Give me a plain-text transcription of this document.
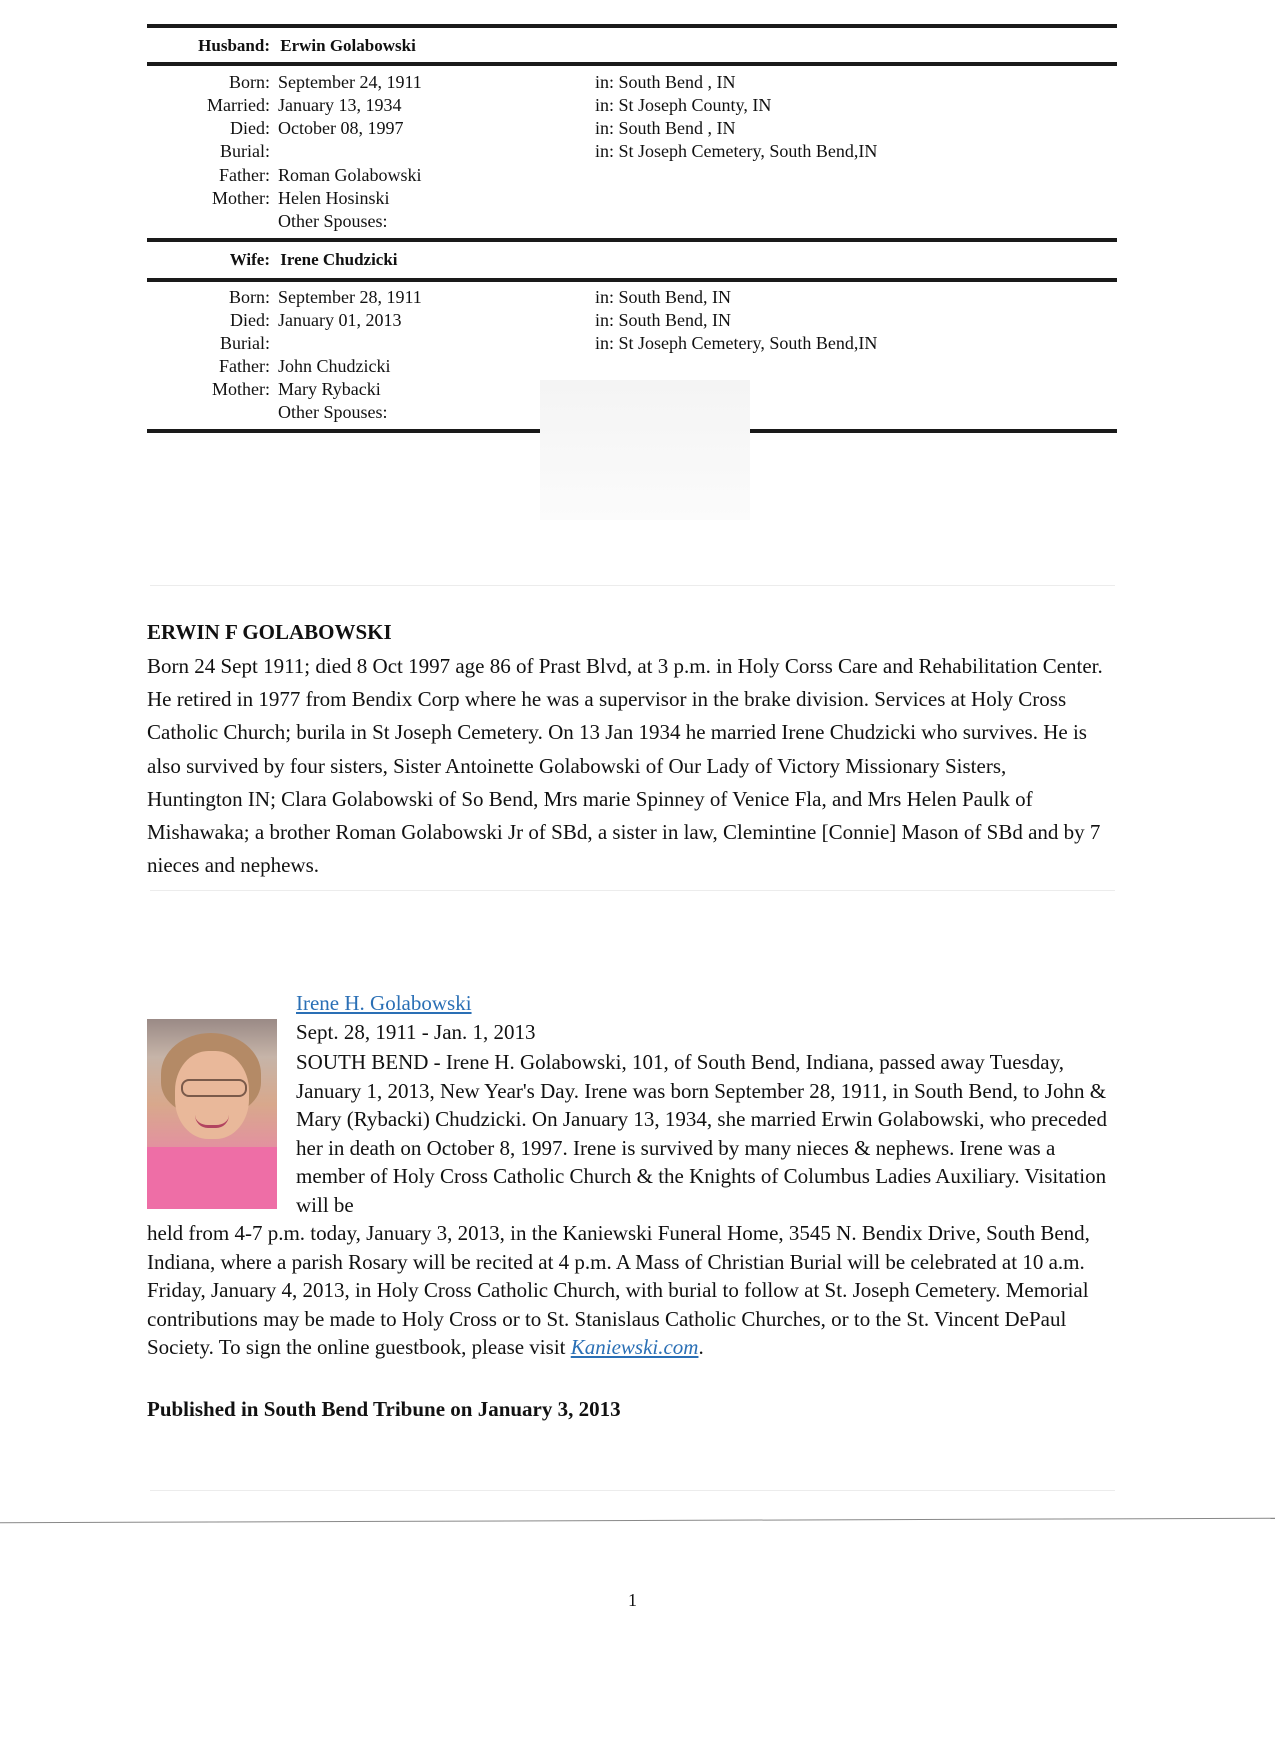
Husband: Erwin Golabowski
Born: September 24, 1911	in: South Bend , IN
Married: January 13, 1934	in: St Joseph County, IN
Died: October 08, 1997	in: South Bend , IN
Burial:	in: St Joseph Cemetery, South Bend,IN
Father: Roman Golabowski
Mother: Helen Hosinski
Other Spouses:
Wife: Irene Chudzicki
Born: September 28, 1911	in: South Bend, IN
Died: January 01, 2013	in: South Bend, IN
Burial:	in: St Joseph Cemetery, South Bend,IN
Father: John Chudzicki
Mother: Mary Rybacki
Other Spouses:
ERWIN F GOLABOWSKI
Born 24 Sept 1911; died 8 Oct 1997 age 86 of Prast Blvd, at 3 p.m. in Holy Corss Care and Rehabilitation Center. He retired in 1977 from Bendix Corp where he was a supervisor in the brake division. Services at Holy Cross Catholic Church; burila in St Joseph Cemetery. On 13 Jan 1934 he married Irene Chudzicki who survives. He is also survived by four sisters, Sister Antoinette Golabowski of Our Lady of Victory Missionary Sisters, Huntington IN; Clara Golabowski of So Bend, Mrs marie Spinney of Venice Fla, and Mrs Helen Paulk of Mishawaka; a brother Roman Golabowski Jr of SBd, a sister in law, Clemintine [Connie] Mason of SBd and by 7 nieces and nephews.
Irene H. Golabowski
Sept. 28, 1911 - Jan. 1, 2013
SOUTH BEND - Irene H. Golabowski, 101, of South Bend, Indiana, passed away Tuesday, January 1, 2013, New Year's Day. Irene was born September 28, 1911, in South Bend, to John & Mary (Rybacki) Chudzicki. On January 13, 1934, she married Erwin Golabowski, who preceded her in death on October 8, 1997. Irene is survived by many nieces & nephews. Irene was a member of Holy Cross Catholic Church & the Knights of Columbus Ladies Auxiliary. Visitation will be
held from 4-7 p.m. today, January 3, 2013, in the Kaniewski Funeral Home, 3545 N. Bendix Drive, South Bend, Indiana, where a parish Rosary will be recited at 4 p.m. A Mass of Christian Burial will be celebrated at 10 a.m. Friday, January 4, 2013, in Holy Cross Catholic Church, with burial to follow at St. Joseph Cemetery. Memorial contributions may be made to Holy Cross or to St. Stanislaus Catholic Churches, or to the St. Vincent DePaul Society. To sign the online guestbook, please visit Kaniewski.com.
Published in South Bend Tribune on January 3, 2013
1
